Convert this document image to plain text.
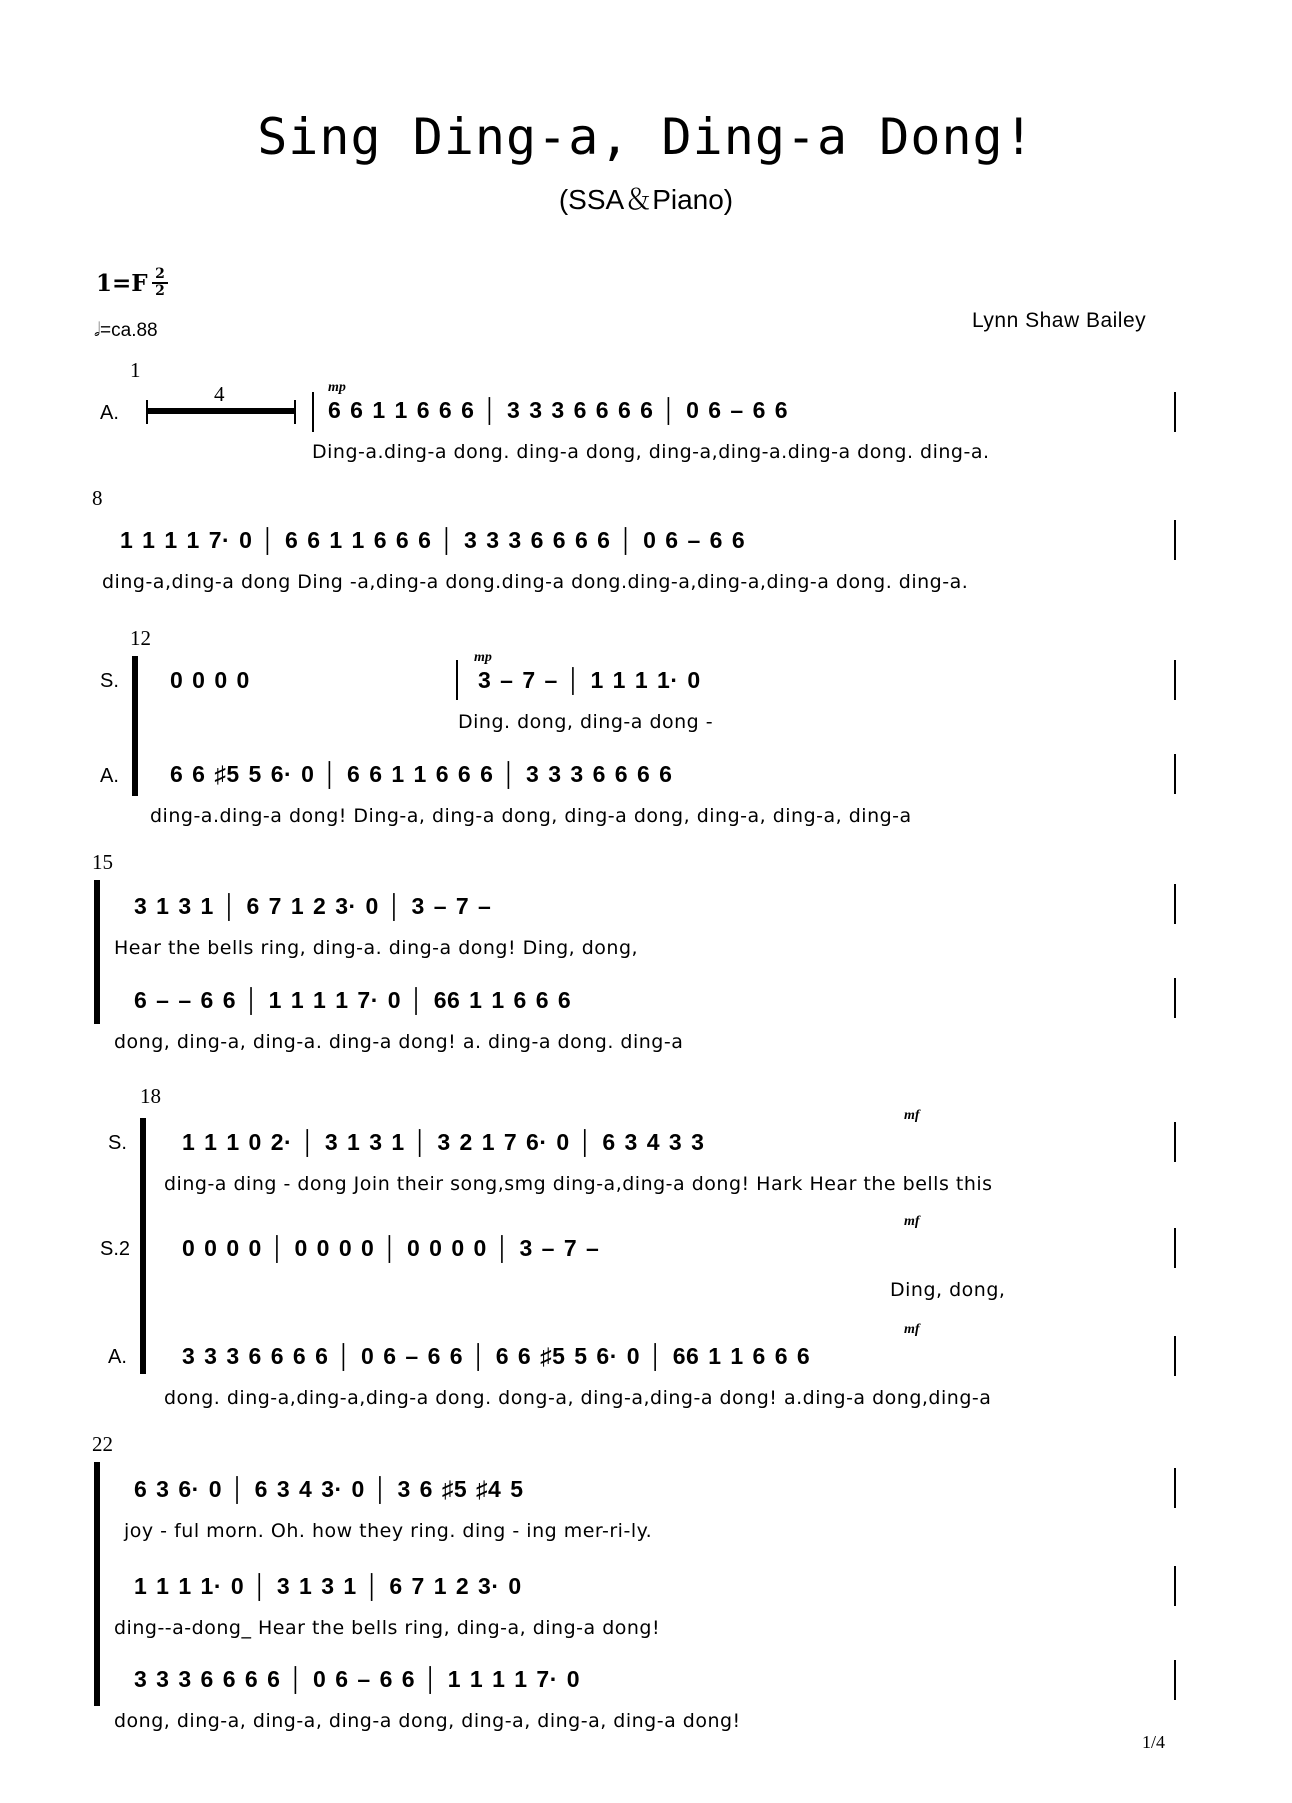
Sing Ding-a, Ding-a Dong!
(SSA＆Piano)
1=F 2
2
𝅗𝅥=ca.88	Lynn Shaw Bailey
1
A.
4	mp
6 6 1 1 6 6 6 │ 3 3 3 6 6 6 6 │ 0 6 – 6 6
Ding-a.ding-a dong. ding-a dong, ding-a,ding-a.ding-a dong. ding-a.
8
1 1 1 1 7· 0 │ 6 6 1 1 6 6 6 │ 3 3 3 6 6 6 6 │ 0 6 – 6 6
ding-a,ding-a dong Ding -a,ding-a dong.ding-a dong.ding-a,ding-a,ding-a dong. ding-a.
12
S. 0 0 0 0
mp
3 – 7 – │ 1 1 1 1· 0
Ding. dong, ding-a dong -
A. 6 6 ♯5 5 6· 0 │ 6 6 1 1 6 6 6 │ 3 3 3 6 6 6 6
ding-a.ding-a dong! Ding-a, ding-a dong, ding-a dong, ding-a, ding-a, ding-a
15
3 1 3 1 │ 6 7 1 2 3· 0 │ 3 – 7 –
Hear the bells ring, ding-a. ding-a dong! Ding, dong,
6 – – 6 6 │ 1 1 1 1 7· 0 │ 66 1 1 6 6 6
dong, ding-a, ding-a. ding-a dong! a. ding-a dong. ding-a
18
S.
mf
1 1 1 0 2· │ 3 1 3 1 │ 3 2 1 7 6· 0 │ 6 3 4 3 3
ding-a ding - dong Join their song,smg ding-a,ding-a dong! Hark Hear the bells this
S.2
mf
0 0 0 0 │ 0 0 0 0 │ 0 0 0 0 │ 3 – 7 –
Ding, dong,
A.
mf
3 3 3 6 6 6 6 │ 0 6 – 6 6 │ 6 6 ♯5 5 6· 0 │ 66 1 1 6 6 6
dong. ding-a,ding-a,ding-a dong. dong-a, ding-a,ding-a dong! a.ding-a dong,ding-a
22
6 3 6· 0 │ 6 3 4 3· 0 │ 3 6 ♯5 ♯4 5
joy - ful morn. Oh. how they ring. ding - ing mer-ri-ly.
1 1 1 1· 0 │ 3 1 3 1 │ 6 7 1 2 3· 0
ding--a-dong_ Hear the bells ring, ding-a, ding-a dong!
3 3 3 6 6 6 6 │ 0 6 – 6 6 │ 1 1 1 1 7· 0
dong, ding-a, ding-a, ding-a dong, ding-a, ding-a, ding-a dong!
1/4
